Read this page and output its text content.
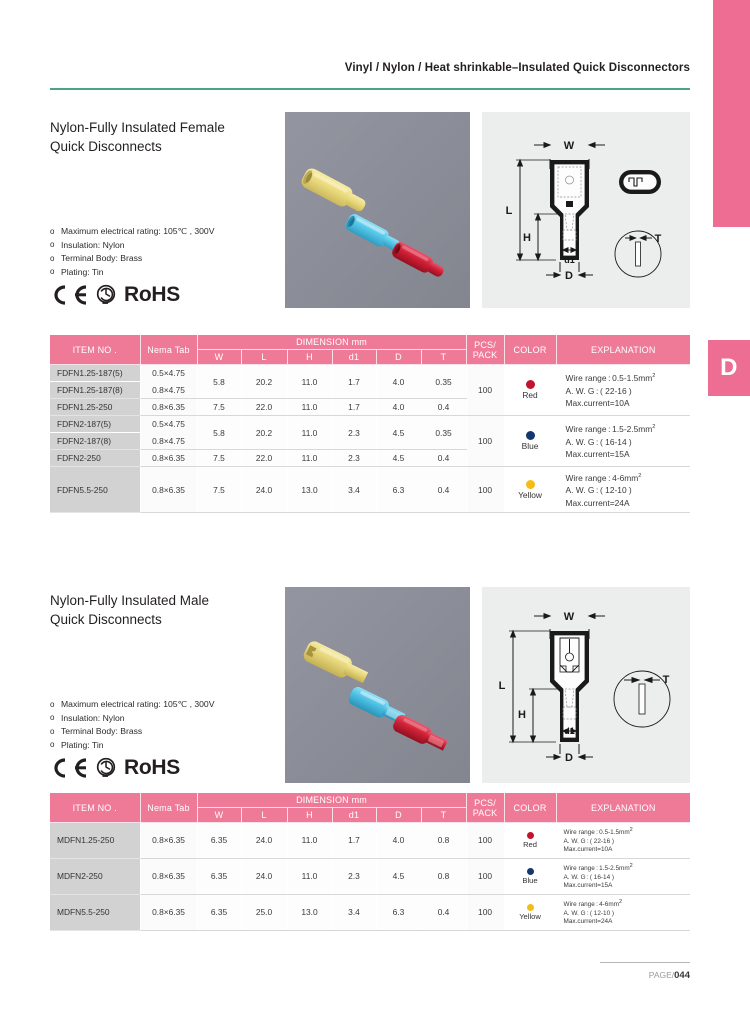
D
Vinyl / Nylon / Heat shrinkable–Insulated Quick Disconnectors
Nylon-Fully Insulated Female
Quick Disconnects
o Maximum electrical rating: 105℃ , 300V
o Insulation: Nylon
o Terminal Body: Brass
o Plating: Tin
RoHS
W
L
H
d1
D
T
ITEM NO .	Nema Tab	DIMENSION mm						PCS/
PACK	COLOR	EXPLANATION
		W	L	H	d1	D	T			
FDFN1.25-187(5)	0.5×4.75	5.8	20.2	11.0	1.7	4.0	0.35	100	Red	Wire range : $0.5-1.5mm^2$
A. W. G : ( 22-16 )
Max.current=10A
FDFN1.25-187(8)	0.8×4.75									
FDFN1.25-250	0.8×6.35	7.5	22.0	11.0	1.7	4.0	0.4			
FDFN2-187(5)	0.5×4.75	5.8	20.2	11.0	2.3	4.5	0.35	100	Blue	Wire range : $1.5-2.5mm^2$
A. W. G : ( 16-14 )
Max.current=15A
FDFN2-187(8)	0.8×4.75									
FDFN2-250	0.8×6.35	7.5	22.0	11.0	2.3	4.5	0.4			
FDFN5.5-250	0.8×6.35	7.5	24.0	13.0	3.4	6.3	0.4	100	Yellow	Wire range : $4-6mm^2$
A. W. G : ( 12-10 )
Max.current=24A
Nylon-Fully Insulated Male
Quick Disconnects
o Maximum electrical rating: 105℃ , 300V
o Insulation: Nylon
o Terminal Body: Brass
o Plating: Tin
RoHS
W
L
H
d1
D
T
ITEM NO .	Nema Tab	DIMENSION mm						PCS/
PACK	COLOR	EXPLANATION
		W	L	H	d1	D	T			
MDFN1.25-250	0.8×6.35	6.35	24.0	11.0	1.7	4.0	0.8	100	Red	Wire range : $0.5-1.5mm^2$
A. W. G : ( 22-16 )
Max.current=10A
MDFN2-250	0.8×6.35	6.35	24.0	11.0	2.3	4.5	0.8	100	Blue	Wire range : $1.5-2.5mm^2$
A. W. G : ( 16-14 )
Max.current=15A
MDFN5.5-250	0.8×6.35	6.35	25.0	13.0	3.4	6.3	0.4	100	Yellow	Wire range : $4-6mm^2$
A. W. G : ( 12-10 )
Max.current=24A
PAGE/044
